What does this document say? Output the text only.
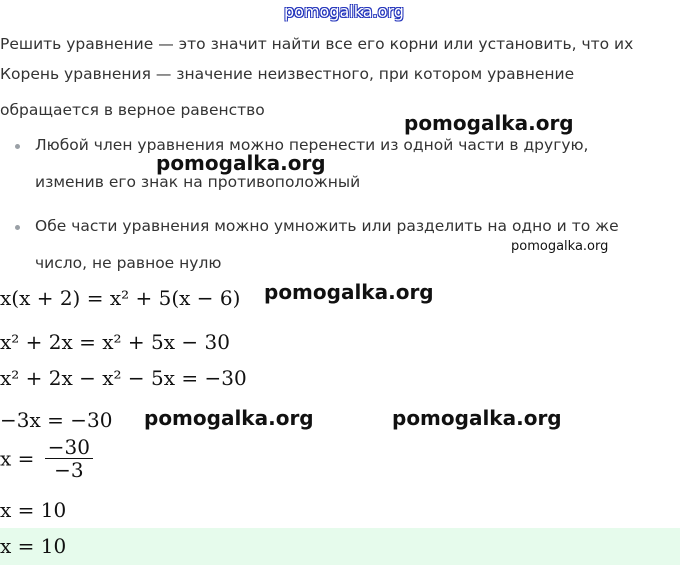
pomogalka.org
Решить уравнение — это значит найти все его корни или установить, что их
Корень уравнения — значение неизвестного, при котором уравнение
обращается в верное равенство
Любой член уравнения можно перенести из одной части в другую,
изменив его знак на противоположный
Обе части уравнения можно умножить или разделить на одно и то же
число, не равное нулю
pomogalka.org
pomogalka.org
pomogalka.org
pomogalka.org
pomogalka.org	pomogalka.org
x(x + 2) = x² + 5(x − 6)
x² + 2x = x² + 5x − 30
x² + 2x − x² − 5x = −30
−3x = −30
$x = \frac{-30}{-3}$
x = 10
x = 10
